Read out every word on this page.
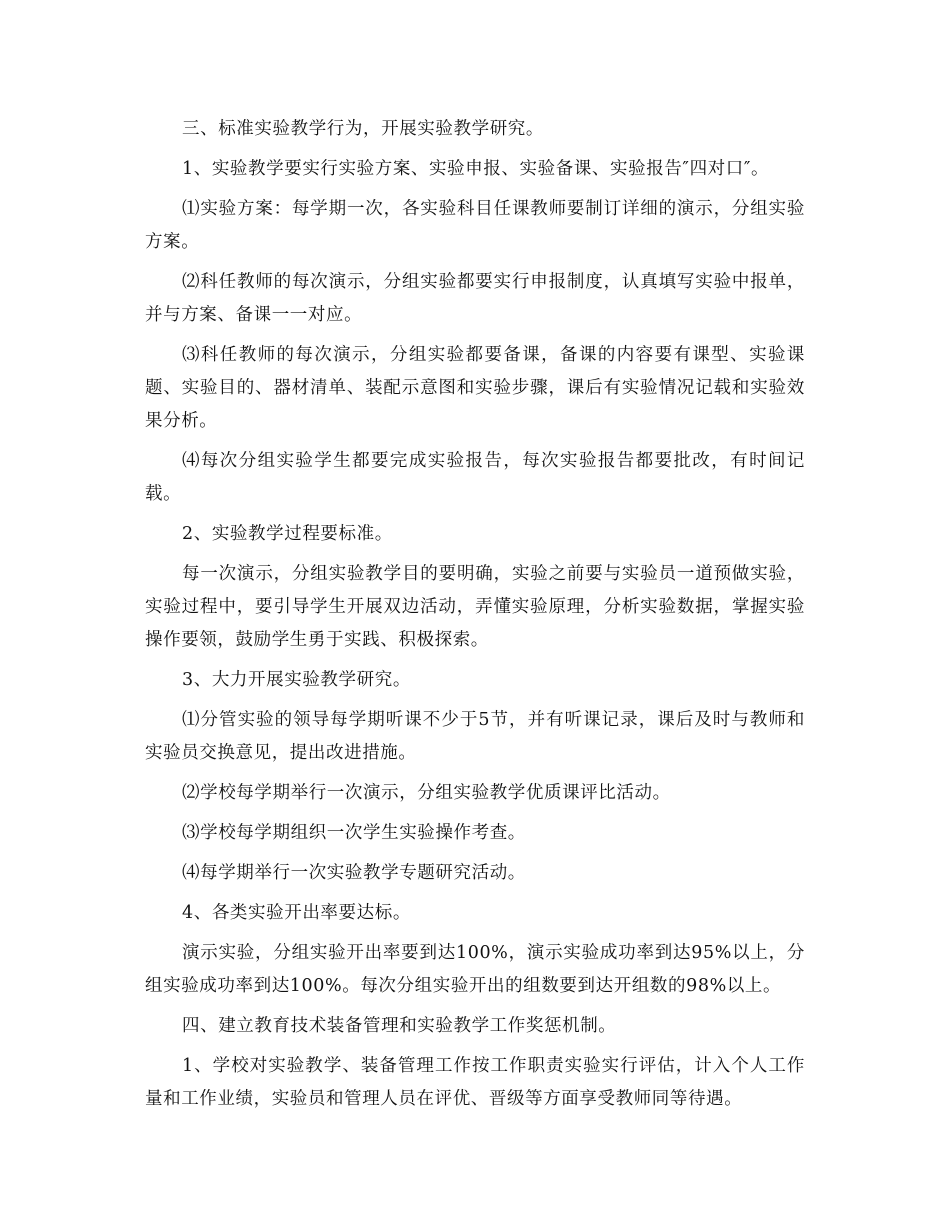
三、标准实验教学行为，开展实验教学研究。

1、实验教学要实行实验方案、实验申报、实验备课、实验报告″四对口″。

⑴实验方案：每学期一次，各实验科目任课教师要制订详细的演示，分组实验方案。

⑵科任教师的每次演示，分组实验都要实行申报制度，认真填写实验中报单，并与方案、备课一一对应。

⑶科任教师的每次演示，分组实验都要备课，备课的内容要有课型、实验课题、实验目的、器材清单、装配示意图和实验步骤，课后有实验情况记载和实验效果分析。

⑷每次分组实验学生都要完成实验报告，每次实验报告都要批改，有时间记载。

2、实验教学过程要标准。

每一次演示，分组实验教学目的要明确，实验之前要与实验员一道预做实验，实验过程中，要引导学生开展双边活动，弄懂实验原理，分析实验数据，掌握实验操作要领，鼓励学生勇于实践、积极探索。

3、大力开展实验教学研究。

⑴分管实验的领导每学期听课不少于5节，并有听课记录，课后及时与教师和实验员交换意见，提出改进措施。

⑵学校每学期举行一次演示，分组实验教学优质课评比活动。

⑶学校每学期组织一次学生实验操作考查。

⑷每学期举行一次实验教学专题研究活动。

4、各类实验开出率要达标。

演示实验，分组实验开出率要到达100%，演示实验成功率到达95%以上，分组实验成功率到达100%。每次分组实验开出的组数要到达开组数的98%以上。

四、建立教育技术装备管理和实验教学工作奖惩机制。

1、学校对实验教学、装备管理工作按工作职责实验实行评估，计入个人工作量和工作业绩，实验员和管理人员在评优、晋级等方面享受教师同等待遇。
